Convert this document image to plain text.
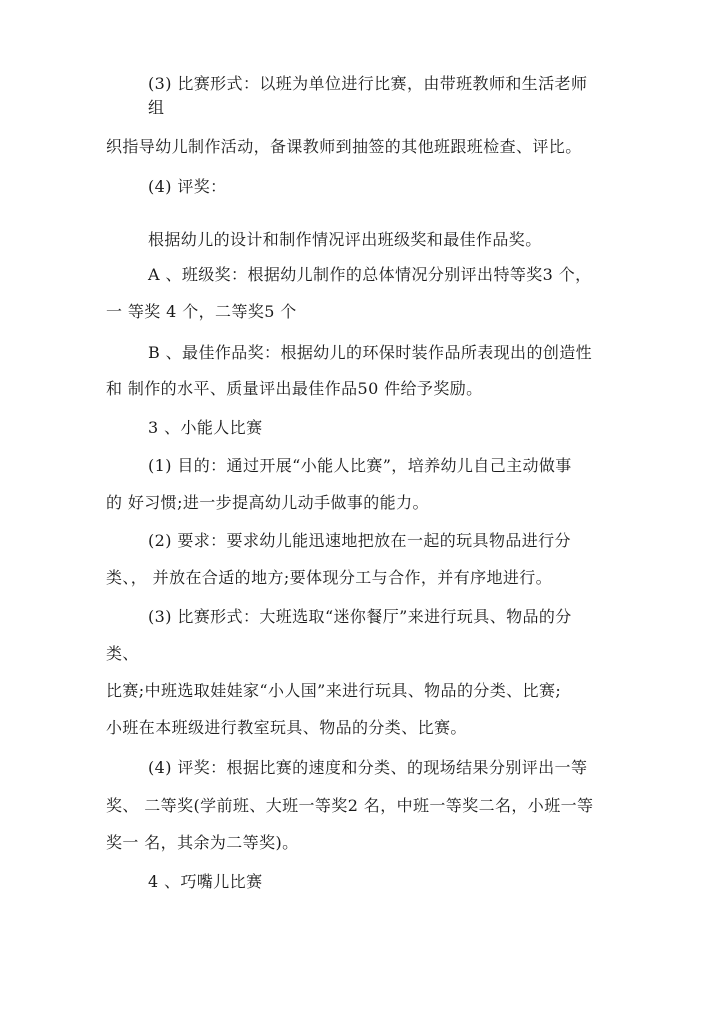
(3) 比赛形式：以班为单位进行比赛，由带班教师和生活老师
组
织指导幼儿制作活动，备课教师到抽签的其他班跟班检查、评比。
(4) 评奖：
根据幼儿的设计和制作情况评出班级奖和最佳作品奖。
A 、班级奖：根据幼儿制作的总体情况分别评出特等奖3 个，
一 等奖 4 个，二等奖5 个
B 、最佳作品奖：根据幼儿的环保时装作品所表现出的创造性
和 制作的水平、质量评出最佳作品50 件给予奖励。
3 、小能人比赛
(1) 目的：通过开展“小能人比赛”，培养幼儿自己主动做事
的 好习惯;进一步提高幼儿动手做事的能力。
(2) 要求：要求幼儿能迅速地把放在一起的玩具物品进行分
类、， 并放在合适的地方;要体现分工与合作，并有序地进行。
(3) 比赛形式：大班选取“迷你餐厅”来进行玩具、物品的分
类、
比赛;中班选取娃娃家“小人国”来进行玩具、物品的分类、比赛;
小班在本班级进行教室玩具、物品的分类、比赛。
(4) 评奖：根据比赛的速度和分类、的现场结果分别评出一等
奖、 二等奖(学前班、大班一等奖2 名，中班一等奖二名，小班一等
奖一 名，其余为二等奖)。
4 、巧嘴儿比赛
